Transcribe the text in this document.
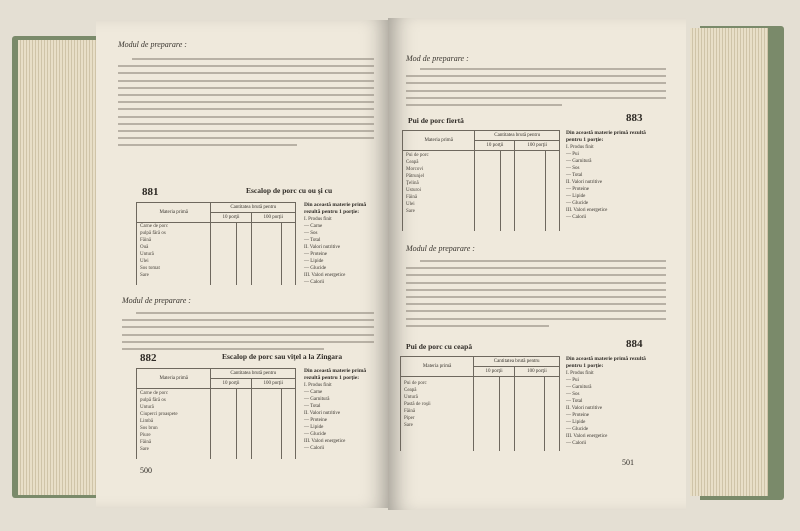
Modul de preparare :
881	Escalop de porc cu ou şi cu
Materia primă	Cantitatea brută pentru			
	10 porţii		100 porţii	

Carne de porc
pulpă fără os
Făină
Ouă
Untură
Ulei
Sos tomat
Sare
Din această materie primă rezultă pentru 1 porţie:
I. Produs finit
— Carne
— Sos
— Total
II. Valori nutritive
— Proteine
— Lipide
— Glucide
III. Valori energetice
— Calorii
Modul de preparare :
882	Escalop de porc sau viţel a la Zingara
Materia primă	Cantitatea brută pentru			
	10 porţii		100 porţii	

Carne de porc
pulpă fără os
Untură
Ciuperci proaspete
Limbă
Sos brun
Piure
Făină
Sare
Din această materie primă rezultă pentru 1 porţie:
I. Produs finit
— Carne
— Garnitură
— Total
II. Valori nutritive
— Proteine
— Lipide
— Glucide
III. Valori energetice
— Calorii
500
Mod de preparare :
Pui de porc fiertă	883
Materia primă	Cantitatea brută pentru			
	10 porţii		100 porţii	

Pui de porc
Ceapă
Morcovi
Pătrunjel
Ţelină
Usturoi
Făină
Ulei
Sare
Din această materie primă rezultă pentru 1 porţie:
I. Produs finit
— Pui
— Garnitură
— Sos
— Total
II. Valori nutritive
— Proteine
— Lipide
— Glucide
III. Valori energetice
— Calorii
Modul de preparare :
Pui de porc cu ceapă	884
Materia primă	Cantitatea brută pentru			
	10 porţii		100 porţii	

Pui de porc
Ceapă
Untură
Pastă de roşii
Făină
Piper
Sare
Din această materie primă rezultă pentru 1 porţie:
I. Produs finit
— Pui
— Garnitură
— Sos
— Total
II. Valori nutritive
— Proteine
— Lipide
— Glucide
III. Valori energetice
— Calorii
501
